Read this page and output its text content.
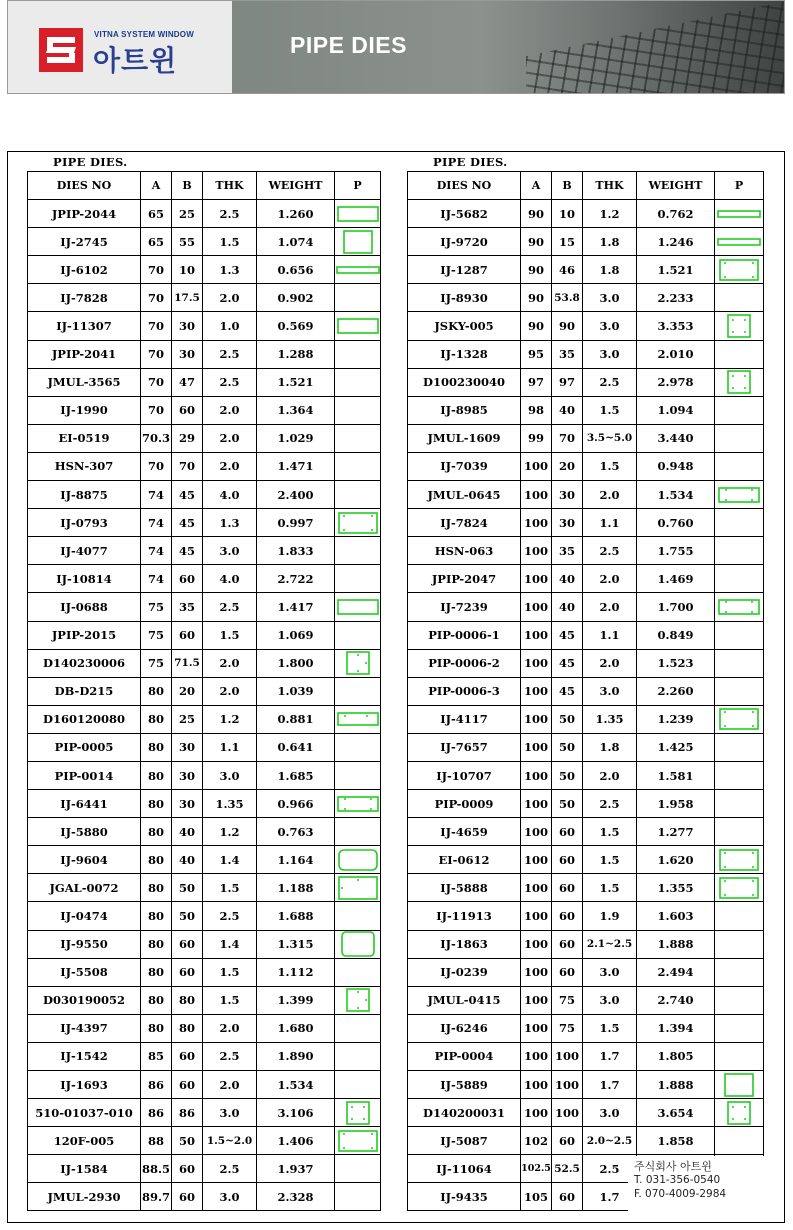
VITNA SYSTEM WINDOW
아트윈	PIPE DIES
PIPE DIES.	PIPE DIES.
DIES NO	A	B	THK	WEIGHT	P
JPIP-2044	65	25	2.5	1.260	

IJ-2745	65	55	1.5	1.074	

IJ-6102	70	10	1.3	0.656	

IJ-7828	70	17.5	2.0	0.902	
IJ-11307	70	30	1.0	0.569	

JPIP-2041	70	30	2.5	1.288	
JMUL-3565	70	47	2.5	1.521	
IJ-1990	70	60	2.0	1.364	
EI-0519	70.3	29	2.0	1.029	
HSN-307	70	70	2.0	1.471	
IJ-8875	74	45	4.0	2.400	
IJ-0793	74	45	1.3	0.997	

IJ-4077	74	45	3.0	1.833	
IJ-10814	74	60	4.0	2.722	
IJ-0688	75	35	2.5	1.417	

JPIP-2015	75	60	1.5	1.069	
D140230006	75	71.5	2.0	1.800	

DB-D215	80	20	2.0	1.039	
D160120080	80	25	1.2	0.881	

PIP-0005	80	30	1.1	0.641	
PIP-0014	80	30	3.0	1.685	
IJ-6441	80	30	1.35	0.966	

IJ-5880	80	40	1.2	0.763	
IJ-9604	80	40	1.4	1.164	

JGAL-0072	80	50	1.5	1.188	

IJ-0474	80	50	2.5	1.688	
IJ-9550	80	60	1.4	1.315	

IJ-5508	80	60	1.5	1.112	
D030190052	80	80	1.5	1.399	

IJ-4397	80	80	2.0	1.680	
IJ-1542	85	60	2.5	1.890	
IJ-1693	86	60	2.0	1.534	
510-01037-010	86	86	3.0	3.106	

120F-005	88	50	1.5~2.0	1.406	

IJ-1584	88.5	60	2.5	1.937	
JMUL-2930	89.7	60	3.0	2.328	
DIES NO	A	B	THK	WEIGHT	P
IJ-5682	90	10	1.2	0.762	

IJ-9720	90	15	1.8	1.246	

IJ-1287	90	46	1.8	1.521	

IJ-8930	90	53.8	3.0	2.233	
JSKY-005	90	90	3.0	3.353	

IJ-1328	95	35	3.0	2.010	
D100230040	97	97	2.5	2.978	

IJ-8985	98	40	1.5	1.094	
JMUL-1609	99	70	3.5~5.0	3.440	
IJ-7039	100	20	1.5	0.948	
JMUL-0645	100	30	2.0	1.534	

IJ-7824	100	30	1.1	0.760	
HSN-063	100	35	2.5	1.755	
JPIP-2047	100	40	2.0	1.469	
IJ-7239	100	40	2.0	1.700	

PIP-0006-1	100	45	1.1	0.849	
PIP-0006-2	100	45	2.0	1.523	
PIP-0006-3	100	45	3.0	2.260	
IJ-4117	100	50	1.35	1.239	

IJ-7657	100	50	1.8	1.425	
IJ-10707	100	50	2.0	1.581	
PIP-0009	100	50	2.5	1.958	
IJ-4659	100	60	1.5	1.277	
EI-0612	100	60	1.5	1.620	

IJ-5888	100	60	1.5	1.355	

IJ-11913	100	60	1.9	1.603	
IJ-1863	100	60	2.1~2.5	1.888	
IJ-0239	100	60	3.0	2.494	
JMUL-0415	100	75	3.0	2.740	
IJ-6246	100	75	1.5	1.394	
PIP-0004	100	100	1.7	1.805	
IJ-5889	100	100	1.7	1.888	

D140200031	100	100	3.0	3.654	

IJ-5087	102	60	2.0~2.5	1.858	
IJ-11064	102.5	52.5	2.5		
IJ-9435	105	60	1.7		
주식회사 아트윈
T. 031-356-0540
F. 070-4009-2984
